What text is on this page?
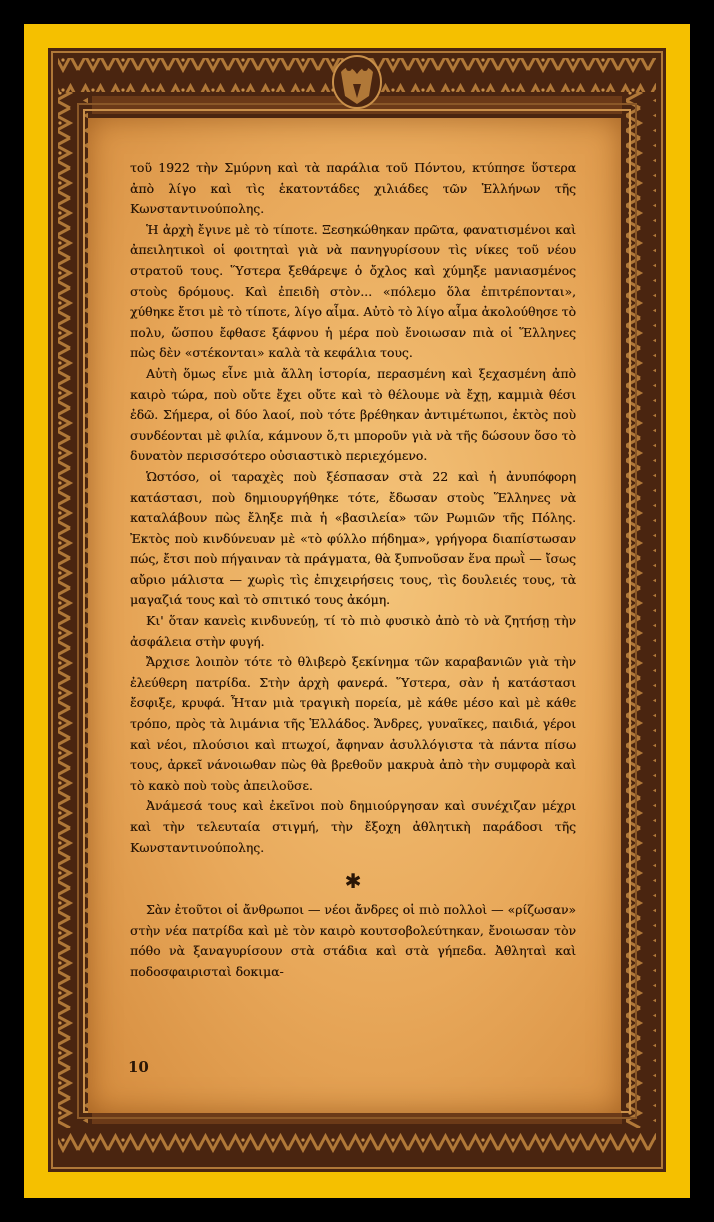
τοῦ 1922 τὴν Σμύρνη καὶ τὰ παράλια τοῦ Πόντου, κτύπησε ὕστερα ἀπὸ λίγο καὶ τὶς ἑκατοντάδες χιλιάδες τῶν Ἑλλήνων τῆς Κωνσταντινούπολης.

Ἡ ἀρχὴ ἔγινε μὲ τὸ τίποτε. Ξεσηκώθηκαν πρῶτα, φανατισμένοι καὶ ἀπειλητικοὶ οἱ φοιτηταὶ γιὰ νὰ πανηγυρίσουν τὶς νίκες τοῦ νέου στρατοῦ τους. Ὕστερα ξεθάρεψε ὁ ὄχλος καὶ χύμηξε μανιασμένος στοὺς δρόμους. Καὶ ἐπειδὴ στὸν... «πόλεμο ὅλα ἐπιτρέπονται», χύθηκε ἔτσι μὲ τὸ τίποτε, λίγο αἷμα. Αὐτὸ τὸ λίγο αἷμα ἀκολούθησε τὸ πολυ, ὥσπου ἔφθασε ξάφνου ἡ μέρα ποὺ ἔνοιωσαν πιὰ οἱ Ἕλληνες πὼς δὲν «στέκονται» καλὰ τὰ κεφάλια τους.

Αὐτὴ ὅμως εἶνε μιὰ ἄλλη ἱστορία, περασμένη καὶ ξεχασμένη ἀπὸ καιρὸ τώρα, ποὺ οὔτε ἔχει οὔτε καὶ τὸ θέλουμε νὰ ἔχῃ, καμμιὰ θέσι ἐδῶ. Σήμερα, οἱ δύο λαοί, ποὺ τότε βρέθηκαν ἀντιμέτωποι, ἐκτὸς ποὺ συνδέονται μὲ φιλία, κάμνουν ὅ,τι μποροῦν γιὰ νὰ τῆς δώσουν ὅσο τὸ δυνατὸν περισσότερο οὐσιαστικὸ περιεχόμενο.

Ὡστόσο, οἱ ταραχὲς ποὺ ξέσπασαν στὰ 22 καὶ ἡ ἀνυπόφορη κατάστασι, ποὺ δημιουργήθηκε τότε, ἔδωσαν στοὺς Ἕλληνες νὰ καταλάβουν πὼς ἔληξε πιὰ ἡ «βασιλεία» τῶν Ρωμιῶν τῆς Πόλης. Ἐκτὸς ποὺ κινδύνευαν μὲ «τὸ φύλλο πήδημα», γρήγορα διαπίστωσαν πώς, ἔτσι ποὺ πήγαιναν τὰ πράγματα, θὰ ξυπνοῦσαν ἕνα πρωῒ — ἴσως αὔριο μάλιστα — χωρὶς τὶς ἐπιχειρήσεις τους, τὶς δουλειές τους, τὰ μαγαζιά τους καὶ τὸ σπιτικό τους ἀκόμη.

Κι' ὅταν κανεὶς κινδυνεύῃ, τί τὸ πιὸ φυσικὸ ἀπὸ τὸ νὰ ζητήσῃ τὴν ἀσφάλεια στὴν φυγή.

Ἄρχισε λοιπὸν τότε τὸ θλιβερὸ ξεκίνημα τῶν καραβανιῶν γιὰ τὴν ἐλεύθερη πατρίδα. Στὴν ἀρχὴ φανερά. Ὕστερα, σὰν ἡ κατάστασι ἔσφιξε, κρυφά. Ἦταν μιὰ τραγικὴ πορεία, μὲ κάθε μέσο καὶ μὲ κάθε τρόπο, πρὸς τὰ λιμάνια τῆς Ἑλλάδος. Ἄνδρες, γυναῖκες, παιδιά, γέροι καὶ νέοι, πλούσιοι καὶ πτωχοί, ἄφηναν ἀσυλλόγιστα τὰ πάντα πίσω τους, ἀρκεῖ νάνοιωθαν πὼς θὰ βρεθοῦν μακρυὰ ἀπὸ τὴν συμφορὰ καὶ τὸ κακὸ ποὺ τοὺς ἀπειλοῦσε.

Ἀνάμεσά τους καὶ ἐκεῖνοι ποὺ δημιούργησαν καὶ συνέχιζαν μέχρι καὶ τὴν τελευταία στιγμή, τὴν ἔξοχη ἀθλητικὴ παράδοσι τῆς Κωνσταντινούπολης.

✱

Σὰν ἐτοῦτοι οἱ ἄνθρωποι — νέοι ἄνδρες οἱ πιὸ πολλοὶ — «ρίζωσαν» στὴν νέα πατρίδα καὶ μὲ τὸν καιρὸ κουτσοβολεύτηκαν, ἔνοιωσαν τὸν πόθο νὰ ξαναγυρίσουν στὰ στάδια καὶ στὰ γήπεδα. Ἀθληταὶ καὶ ποδοσφαιρισταὶ δοκιμα-

10
